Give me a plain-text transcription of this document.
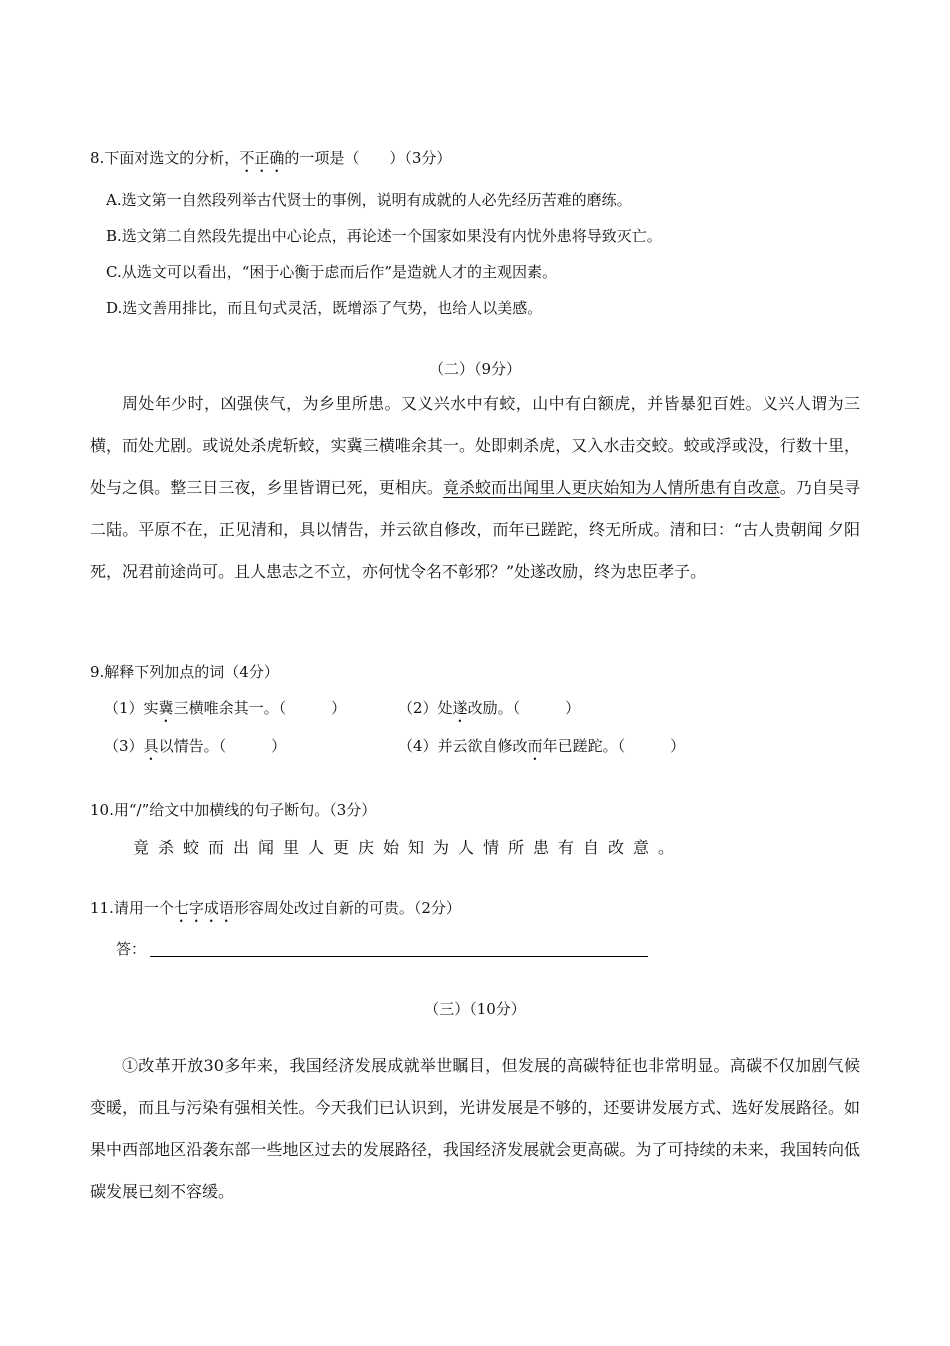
8.下面对选文的分析，不正确的一项是（　　）（3分）
A.选文第一自然段列举古代贤士的事例，说明有成就的人必先经历苦难的磨练。
B.选文第二自然段先提出中心论点，再论述一个国家如果没有内忧外患将导致灭亡。
C.从选文可以看出，“困于心衡于虑而后作”是造就人才的主观因素。
D.选文善用排比，而且句式灵活，既增添了气势，也给人以美感。
（二）（9分）
周处年少时，凶强侠气，为乡里所患。又义兴水中有蛟，山中有白额虎，并皆暴犯百姓。义兴人谓为三横，而处尤剧。或说处杀虎斩蛟，实冀三横唯余其一。处即刺杀虎，又入水击交蛟。蛟或浮或没，行数十里，处与之俱。整三日三夜，乡里皆谓已死，更相庆。竟杀蛟而出闻里人更庆始知为人情所患有自改意。乃自吴寻二陆。平原不在，正见清和，具以情告，并云欲自修改，而年已蹉跎，终无所成。清和曰：“古人贵朝闻 夕阳死，况君前途尚可。且人患志之不立，亦何忧令名不彰邪？”处遂改励，终为忠臣孝子。
9.解释下列加点的词（4分）
（1）实冀三横唯余其一。（　　　）	（2）处遂改励。（　　　）
（3）具以情告。（　　　）	（4）并云欲自修改而年已蹉跎。（　　　）
10.用“/”给文中加横线的句子断句。（3分）
竟杀蛟而出闻里人更庆始知为人情所患有自改意。
11.请用一个七字成语形容周处改过自新的可贵。（2分）
答：
（三）（10分）
①改革开放30多年来，我国经济发展成就举世瞩目，但发展的高碳特征也非常明显。高碳不仅加剧气候变暖，而且与污染有强相关性。今天我们已认识到，光讲发展是不够的，还要讲发展方式、选好发展路径。如果中西部地区沿袭东部一些地区过去的发展路径，我国经济发展就会更高碳。为了可持续的未来，我国转向低碳发展已刻不容缓。
